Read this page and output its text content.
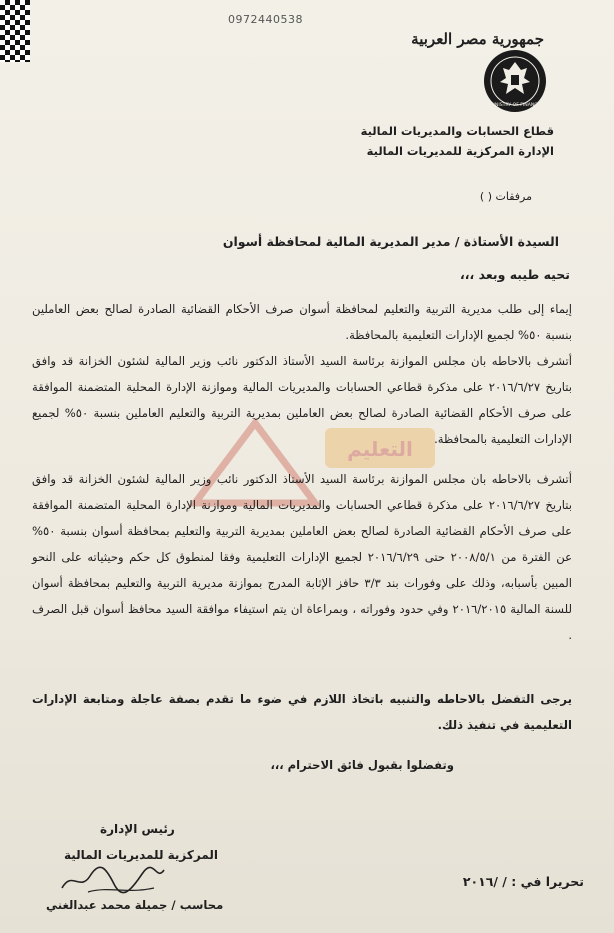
0972440538
جمهورية مصر العربية
MINISTRY OF FINANCE
قطاع الحسابات والمديريات المالية
الإدارة المركزية للمديريات المالية
مرفقات ( )
السيدة الأستاذة / مدير المديرية المالية لمحافظة أسوان
تحيه طيبه وبعد ،،،
إيماء إلى طلب مديرية التربية والتعليم لمحافظة أسوان صرف الأحكام القضائية الصادرة لصالح بعض العاملين بنسبة ٥٠% لجميع الإدارات التعليمية بالمحافظة.
أتشرف بالاحاطه بان مجلس الموازنة برئاسة السيد الأستاذ الدكتور نائب وزير المالية لشئون الخزانة قد وافق بتاريخ ٢٠١٦/٦/٢٧ على مذكرة قطاعي الحسابات والمديريات المالية وموازنة الإدارة المحلية المتضمنة الموافقة على صرف الأحكام القضائية الصادرة لصالح بعض العاملين بمديرية التربية والتعليم العاملين بنسبة ٥٠% لجميع الإدارات التعليمية بالمحافظة.
التعليم
أتشرف بالاحاطه بان مجلس الموازنة برئاسة السيد الأستاذ الدكتور نائب وزير المالية لشئون الخزانة قد وافق بتاريخ ٢٠١٦/٦/٢٧ على مذكرة قطاعي الحسابات والمديريات المالية وموازنة الإدارة المحلية المتضمنة الموافقة على صرف الأحكام القضائية الصادرة لصالح بعض العاملين بمديرية التربية والتعليم بمحافظة أسوان بنسبة ٥٠% عن الفترة من ٢٠٠٨/٥/١ حتى ٢٠١٦/٦/٢٩ لجميع الإدارات التعليمية وفقا لمنطوق كل حكم وحيثياته على النحو المبين بأسبابه، وذلك على وفورات بند ٣/٣ حافز الإثابة المدرج بموازنة مديرية التربية والتعليم بمحافظة أسوان للسنة المالية ٢٠١٦/٢٠١٥ وفي حدود وفوراته ، وبمراعاة ان يتم استيفاء موافقة السيد محافظ أسوان قبل الصرف .
يرجى التفضل بالاحاطه والتنبيه باتخاذ اللازم في ضوء ما تقدم بصفة عاجلة ومتابعة الإدارات التعليمية في تنفيذ ذلك.
وتفضلوا بقبول فائق الاحترام ،،،
رئيس الإدارة
المركزية للمديريات المالية
تحريرا في : / /٢٠١٦
محاسب / جميلة محمد عبدالغني
